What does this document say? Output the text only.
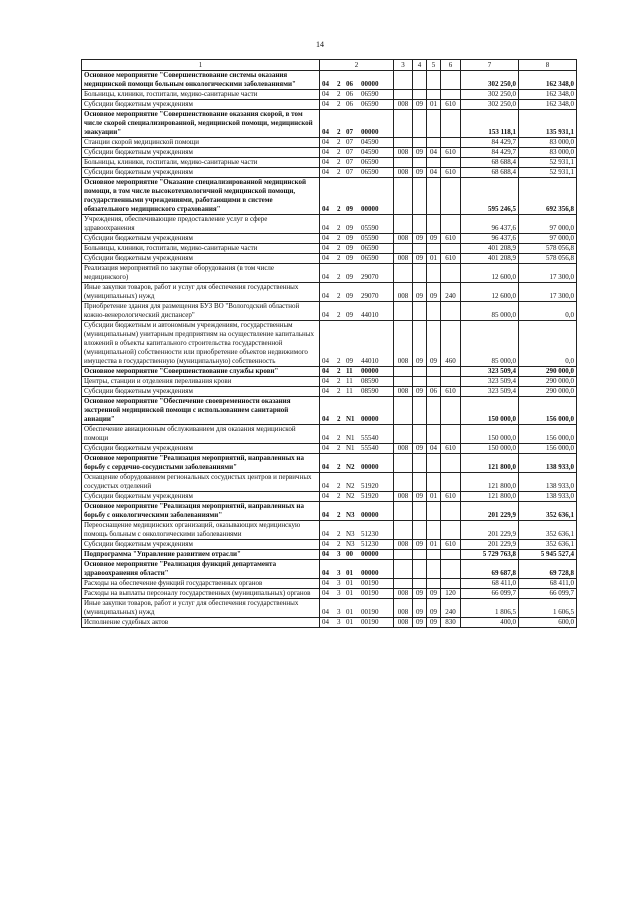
14
1	2	3	4	5	6	7	8
Основное мероприятие "Совершенствование системы оказания медицинской помощи больным онкологическими заболеваниями"	04 2 06 00000					302 250,0	162 348,0
Больницы, клиники, госпитали, медико-санитарные части	04 2 06 06590					302 250,0	162 348,0
Субсидии бюджетным учреждениям	04 2 06 06590	008	09	01	610	302 250,0	162 348,0
Основное мероприятие "Совершенствование оказания скорой, в том числе скорой специализированной, медицинской помощи, медицинской эвакуации"	04 2 07 00000					153 118,1	135 931,1
Станции скорой медицинской помощи	04 2 07 04590					84 429,7	83 000,0
Субсидии бюджетным учреждениям	04 2 07 04590	008	09	04	610	84 429,7	83 000,0
Больницы, клиники, госпитали, медико-санитарные части	04 2 07 06590					68 688,4	52 931,1
Субсидии бюджетным учреждениям	04 2 07 06590	008	09	04	610	68 688,4	52 931,1
Основное мероприятие "Оказание специализированной медицинской помощи, в том числе высокотехнологичной медицинской помощи, государственными учреждениями, работающими в системе обязательного медицинского страхования"	04 2 09 00000					595 246,5	692 356,8
Учреждения, обеспечивающие предоставление услуг в сфере здравоохранения	04 2 09 05590					96 437,6	97 000,0
Субсидии бюджетным учреждениям	04 2 09 05590	008	09	09	610	96 437,6	97 000,0
Больницы, клиники, госпитали, медико-санитарные части	04 2 09 06590					401 208,9	578 056,8
Субсидии бюджетным учреждениям	04 2 09 06590	008	09	01	610	401 208,9	578 056,8
Реализация мероприятий по закупке оборудования (в том числе медицинского)	04 2 09 29070					12 600,0	17 300,0
Иные закупки товаров, работ и услуг для обеспечения государственных (муниципальных) нужд	04 2 09 29070	008	09	09	240	12 600,0	17 300,0
Приобретение здания для размещения БУЗ ВО "Вологодский областной кожно-венерологический диспансер"	04 2 09 44010					85 000,0	0,0
Субсидии бюджетным и автономным учреждениям, государственным (муниципальным) унитарным предприятиям на осуществление капитальных вложений в объекты капитального строительства государственной (муниципальной) собственности или приобретение объектов недвижимого имущества в государственную (муниципальную) собственность	04 2 09 44010	008	09	09	460	85 000,0	0,0
Основное мероприятие "Совершенствование службы крови"	04 2 11 00000					323 509,4	290 000,0
Центры, станции и отделения переливания крови	04 2 11 08590					323 509,4	290 000,0
Субсидии бюджетным учреждениям	04 2 11 08590	008	09	06	610	323 509,4	290 000,0
Основное мероприятие "Обеспечение своевременности оказания экстренной медицинской помощи с использованием санитарной авиации"	04 2 N1 00000					150 000,0	156 000,0
Обеспечение авиационным обслуживанием для оказания медицинской помощи	04 2 N1 55540					150 000,0	156 000,0
Субсидии бюджетным учреждениям	04 2 N1 55540	008	09	04	610	150 000,0	156 000,0
Основное мероприятие "Реализация мероприятий, направленных на борьбу с сердечно-сосудистыми заболеваниями"	04 2 N2 00000					121 800,0	138 933,0
Оснащение оборудованием региональных сосудистых центров и первичных сосудистых отделений	04 2 N2 51920					121 800,0	138 933,0
Субсидии бюджетным учреждениям	04 2 N2 51920	008	09	01	610	121 800,0	138 933,0
Основное мероприятие "Реализация мероприятий, направленных на борьбу с онкологическими заболеваниями"	04 2 N3 00000					201 229,9	352 636,1
Переоснащение медицинских организаций, оказывающих медицинскую помощь больным с онкологическими заболеваниями	04 2 N3 51230					201 229,9	352 636,1
Субсидии бюджетным учреждениям	04 2 N3 51230	008	09	01	610	201 229,9	352 636,1
Подпрограмма "Управление развитием отрасли"	04 3 00 00000					5 729 763,8	5 945 527,4
Основное мероприятие "Реализация функций департамента здравоохранения области"	04 3 01 00000					69 687,8	69 728,8
Расходы на обеспечение функций государственных органов	04 3 01 00190					68 411,0	68 411,0
Расходы на выплаты персоналу государственных (муниципальных) органов	04 3 01 00190	008	09	09	120	66 099,7	66 099,7
Иные закупки товаров, работ и услуг для обеспечения государственных (муниципальных) нужд	04 3 01 00190	008	09	09	240	1 806,5	1 606,5
Исполнение судебных актов	04 3 01 00190	008	09	09	830	400,0	600,0
